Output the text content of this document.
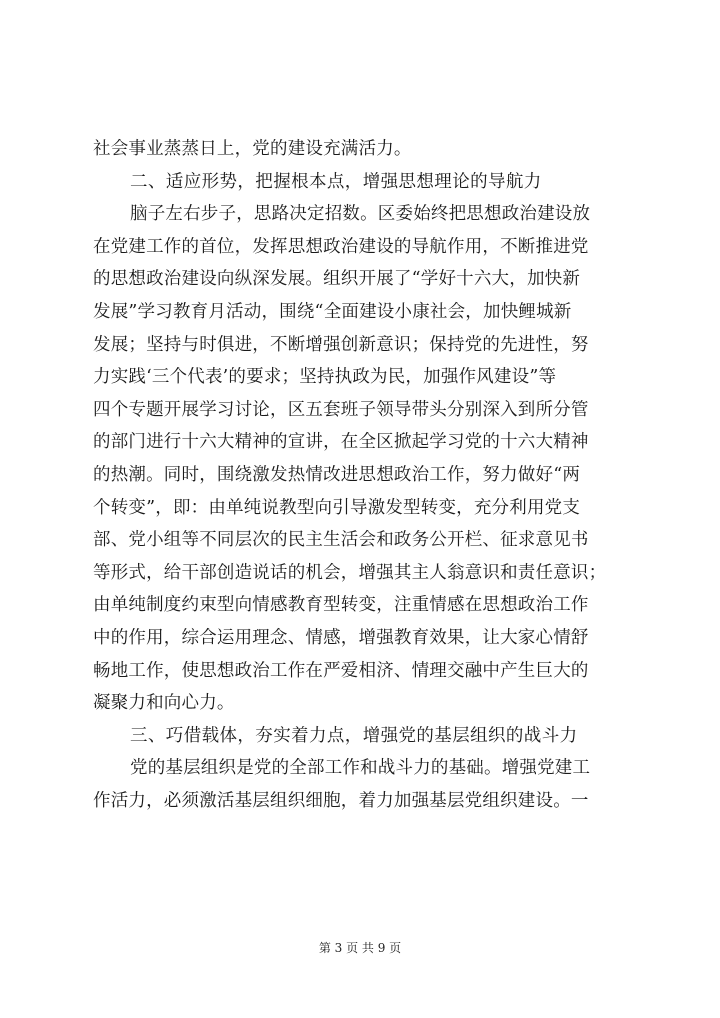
社会事业蒸蒸日上，党的建设充满活力。
二、适应形势，把握根本点，增强思想理论的导航力
脑子左右步子，思路决定招数。区委始终把思想政治建设放
在党建工作的首位，发挥思想政治建设的导航作用，不断推进党
的思想政治建设向纵深发展。组织开展了“学好十六大，加快新
发展”学习教育月活动，围绕“全面建设小康社会，加快鲤城新
发展；坚持与时俱进，不断增强创新意识；保持党的先进性，努
力实践‘三个代表’的要求；坚持执政为民，加强作风建设”等
四个专题开展学习讨论，区五套班子领导带头分别深入到所分管
的部门进行十六大精神的宣讲，在全区掀起学习党的十六大精神
的热潮。同时，围绕激发热情改进思想政治工作，努力做好“两
个转变”，即：由单纯说教型向引导激发型转变，充分利用党支
部、党小组等不同层次的民主生活会和政务公开栏、征求意见书
等形式，给干部创造说话的机会，增强其主人翁意识和责任意识；
由单纯制度约束型向情感教育型转变，注重情感在思想政治工作
中的作用，综合运用理念、情感，增强教育效果，让大家心情舒
畅地工作，使思想政治工作在严爱相济、情理交融中产生巨大的
凝聚力和向心力。
三、巧借载体，夯实着力点，增强党的基层组织的战斗力
党的基层组织是党的全部工作和战斗力的基础。增强党建工
作活力，必须激活基层组织细胞，着力加强基层党组织建设。一
第 3 页 共 9 页
